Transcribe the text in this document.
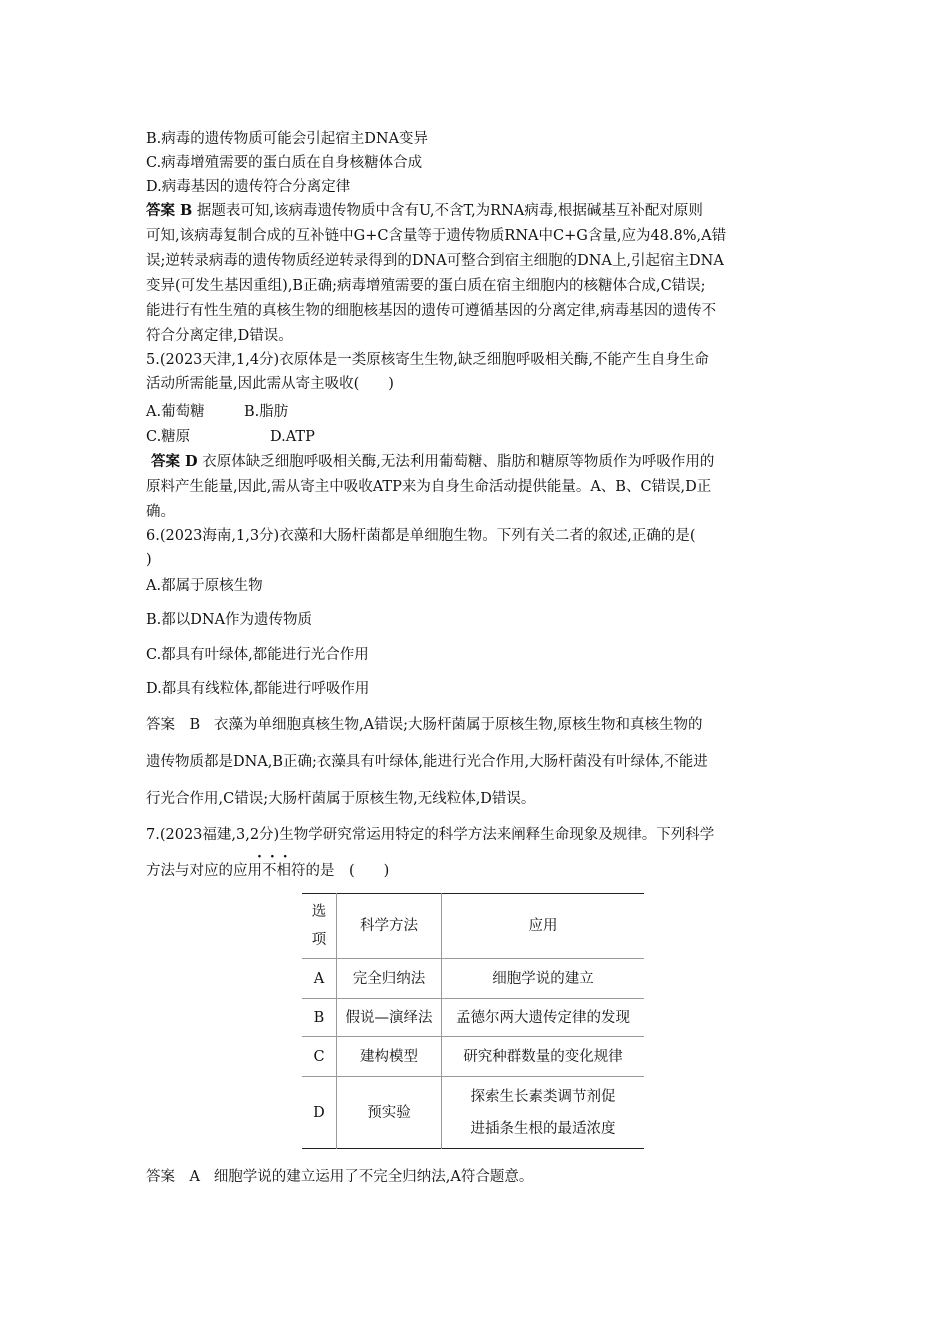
B.病毒的遗传物质可能会引起宿主DNA变异
C.病毒增殖需要的蛋白质在自身核糖体合成
D.病毒基因的遗传符合分离定律
答案 B 据题表可知,该病毒遗传物质中含有U,不含T,为RNA病毒,根据碱基互补配对原则
可知,该病毒复制合成的互补链中G+C含量等于遗传物质RNA中C+G含量,应为48.8%,A错
误;逆转录病毒的遗传物质经逆转录得到的DNA可整合到宿主细胞的DNA上,引起宿主DNA
变异(可发生基因重组),B正确;病毒增殖需要的蛋白质在宿主细胞内的核糖体合成,C错误;
能进行有性生殖的真核生物的细胞核基因的遗传可遵循基因的分离定律,病毒基因的遗传不
符合分离定律,D错误。
5.(2023天津,1,4分)衣原体是一类原核寄生生物,缺乏细胞呼吸相关酶,不能产生自身生命
活动所需能量,因此需从寄主吸收(　　)
A.葡萄糖	B.脂肪
C.糖原	D.ATP
答案 D 衣原体缺乏细胞呼吸相关酶,无法利用葡萄糖、脂肪和糖原等物质作为呼吸作用的
原料产生能量,因此,需从寄主中吸收ATP来为自身生命活动提供能量。A、B、C错误,D正
确。
6.(2023海南,1,3分)衣藻和大肠杆菌都是单细胞生物。下列有关二者的叙述,正确的是(
)
A.都属于原核生物
B.都以DNA作为遗传物质
C.都具有叶绿体,都能进行光合作用
D.都具有线粒体,都能进行呼吸作用
答案　B 衣藻为单细胞真核生物,A错误;大肠杆菌属于原核生物,原核生物和真核生物的
遗传物质都是DNA,B正确;衣藻具有叶绿体,能进行光合作用,大肠杆菌没有叶绿体,不能进
行光合作用,C错误;大肠杆菌属于原核生物,无线粒体,D错误。
7.(2023福建,3,2分)生物学研究常运用特定的科学方法来阐释生命现象及规律。下列科学
···
方法与对应的应用不相符的是　(　　)
选项	科学方法	应用
A	完全归纳法	细胞学说的建立
B	假说—演绎法	孟德尔两大遗传定律的发现
C	建构模型	研究种群数量的变化规律
D	预实验	探索生长素类调节剂促进插条生根的最适浓度
答案　A 细胞学说的建立运用了不完全归纳法,A符合题意。
